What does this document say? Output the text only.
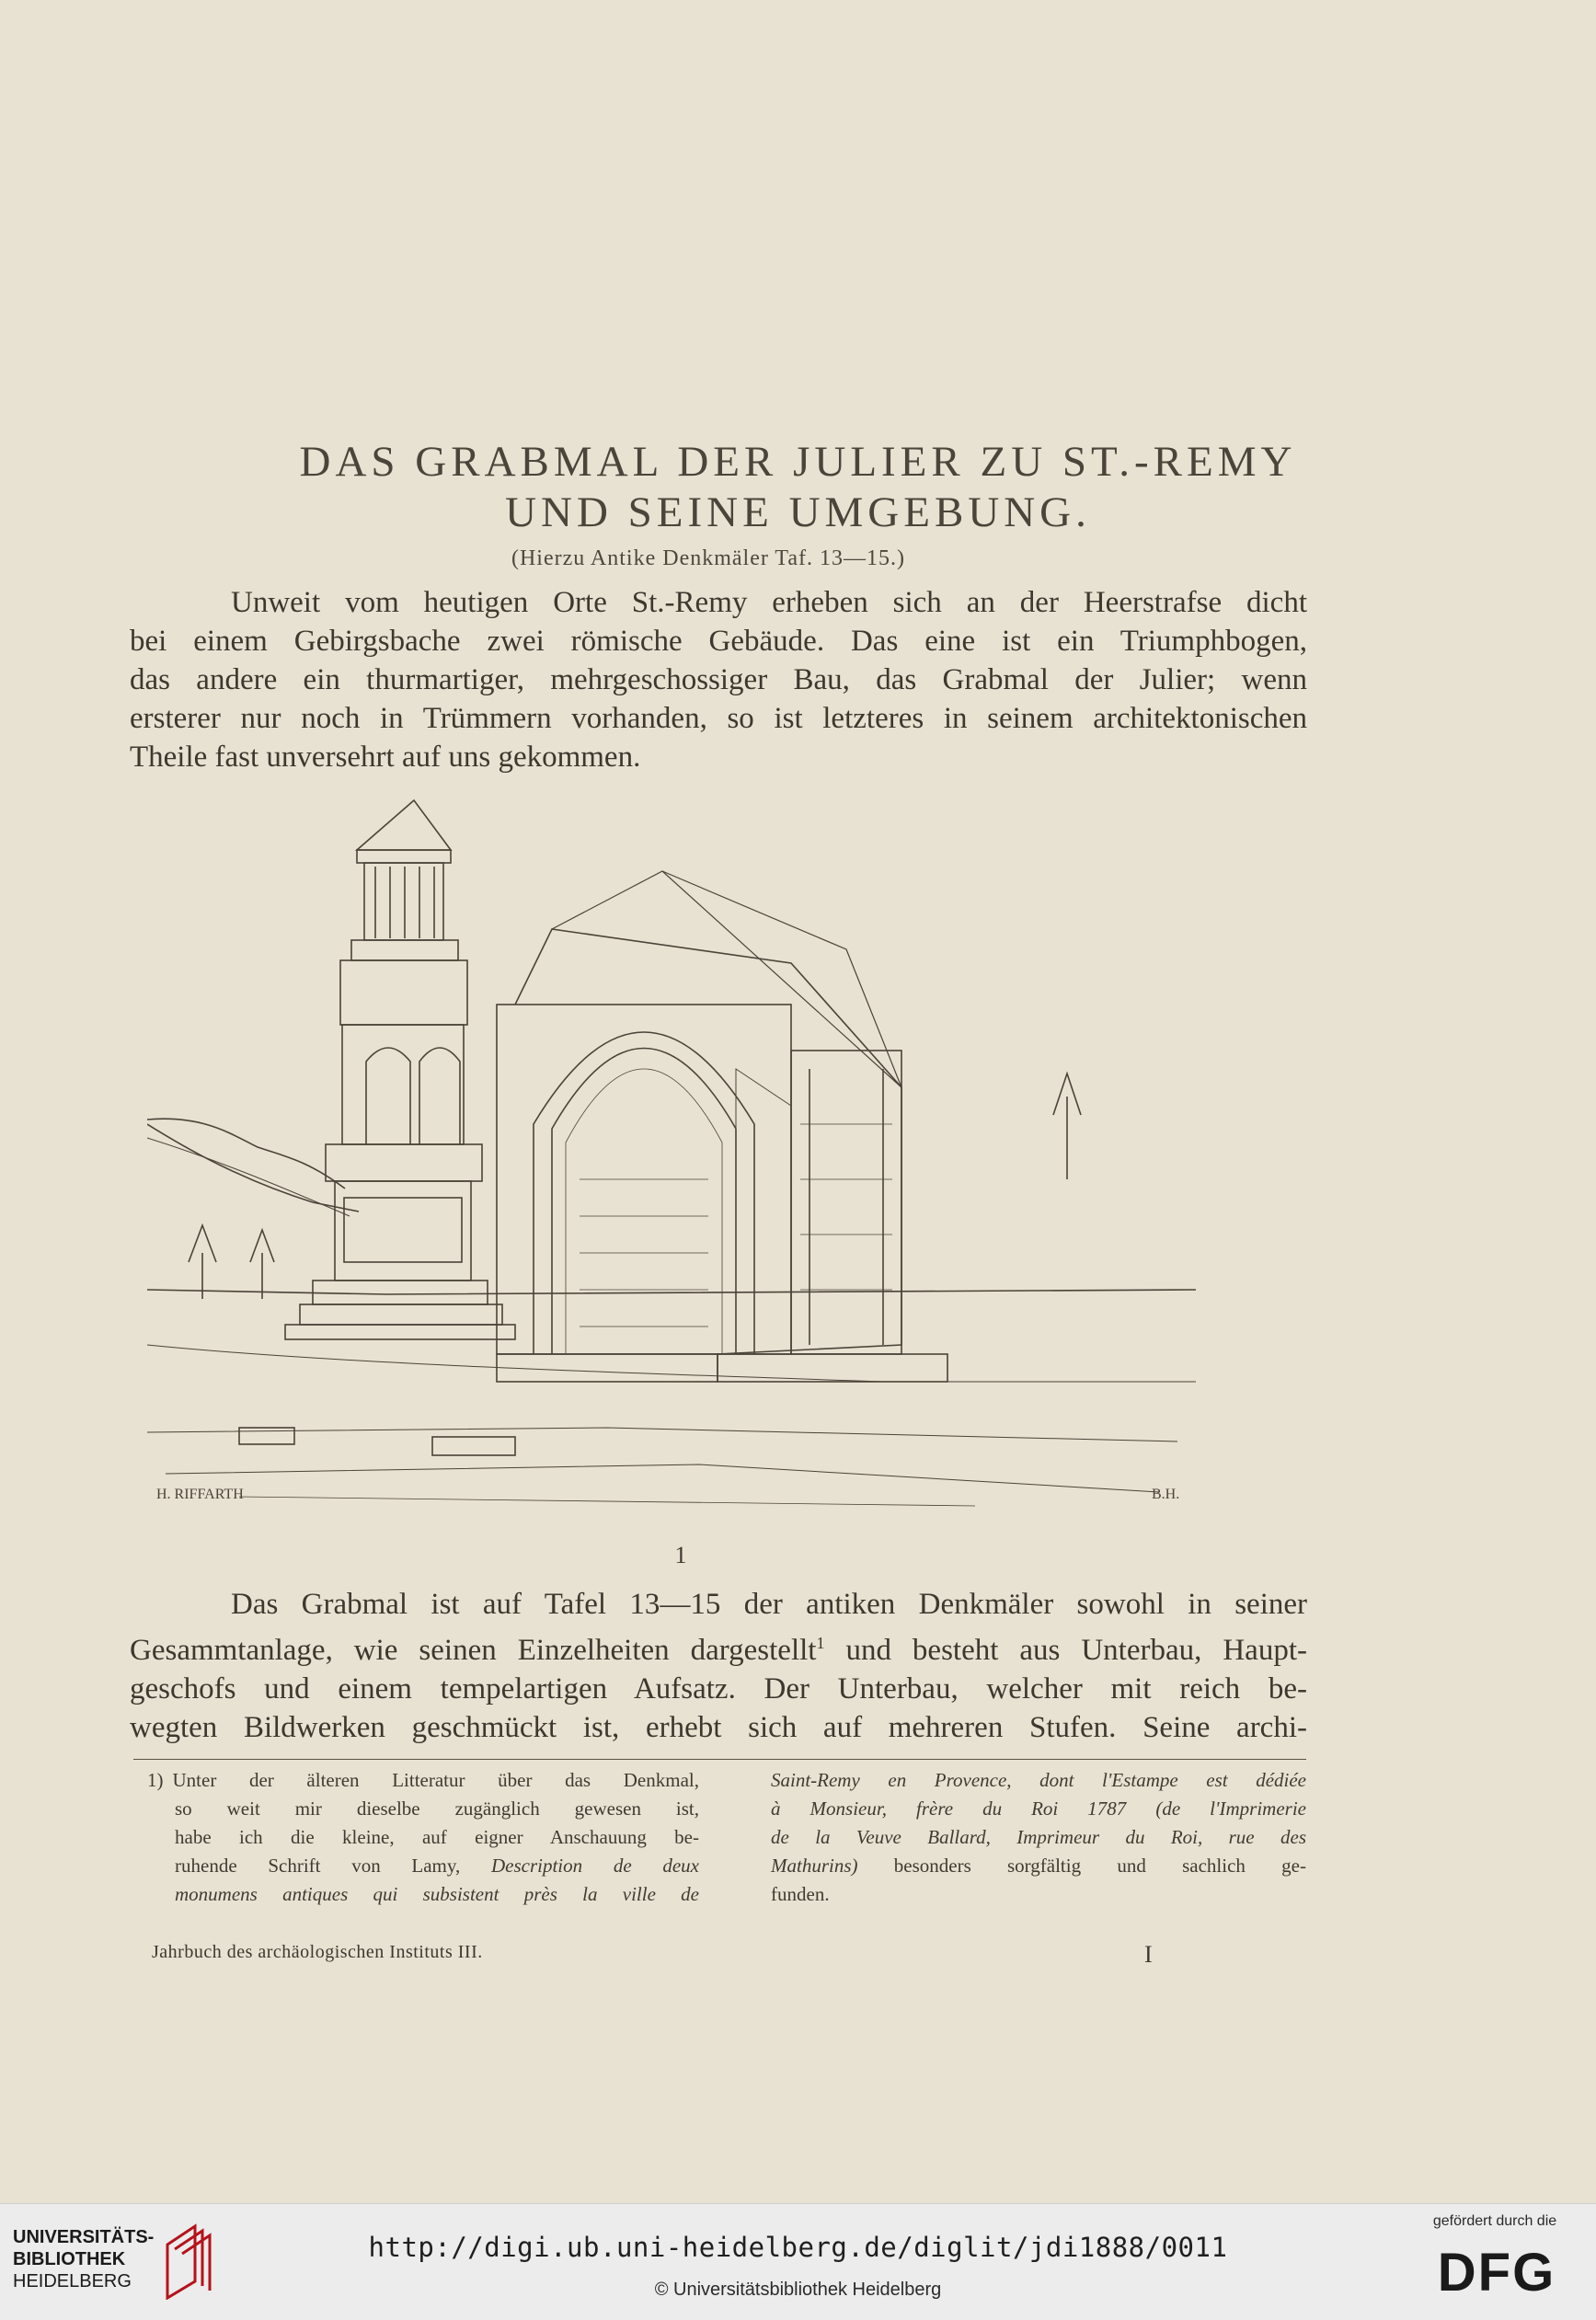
DAS GRABMAL DER JULIER ZU ST.-REMY
UND SEINE UMGEBUNG.
(Hierzu Antike Denkmäler Taf. 13—15.)
Unweit vom heutigen Orte St.-Remy erheben sich an der Heerstrafse dicht
bei einem Gebirgsbache zwei römische Gebäude. Das eine ist ein Triumphbogen,
das andere ein thurmartiger, mehrgeschossiger Bau, das Grabmal der Julier; wenn
ersterer nur noch in Trümmern vorhanden, so ist letzteres in seinem architektonischen
Theile fast unversehrt auf uns gekommen.
H. RIFFARTH	B.H.
1
Das Grabmal ist auf Tafel 13—15 der antiken Denkmäler sowohl in seiner
Gesammtanlage, wie seinen Einzelheiten dargestellt$^1$ und besteht aus Unterbau, Haupt-
geschofs und einem tempelartigen Aufsatz. Der Unterbau, welcher mit reich be-
wegten Bildwerken geschmückt ist, erhebt sich auf mehreren Stufen. Seine archi-
1) Unter der älteren Litteratur über das Denkmal,
so weit mir dieselbe zugänglich gewesen ist,
habe ich die kleine, auf eigner Anschauung be-
ruhende Schrift von Lamy, Description de deux
monumens antiques qui subsistent près la ville de
Saint-Remy en Provence, dont l'Estampe est dédiée
à Monsieur, frère du Roi 1787 (de l'Imprimerie
de la Veuve Ballard, Imprimeur du Roi, rue des
Mathurins) besonders sorgfältig und sachlich ge-
funden.
Jahrbuch des archäologischen Instituts III.	I
UNIVERSITÄTS-
BIBLIOTHEK
HEIDELBERG
http://digi.ub.uni-heidelberg.de/diglit/jdi1888/0011
© Universitätsbibliothek Heidelberg
gefördert durch die
DFG
